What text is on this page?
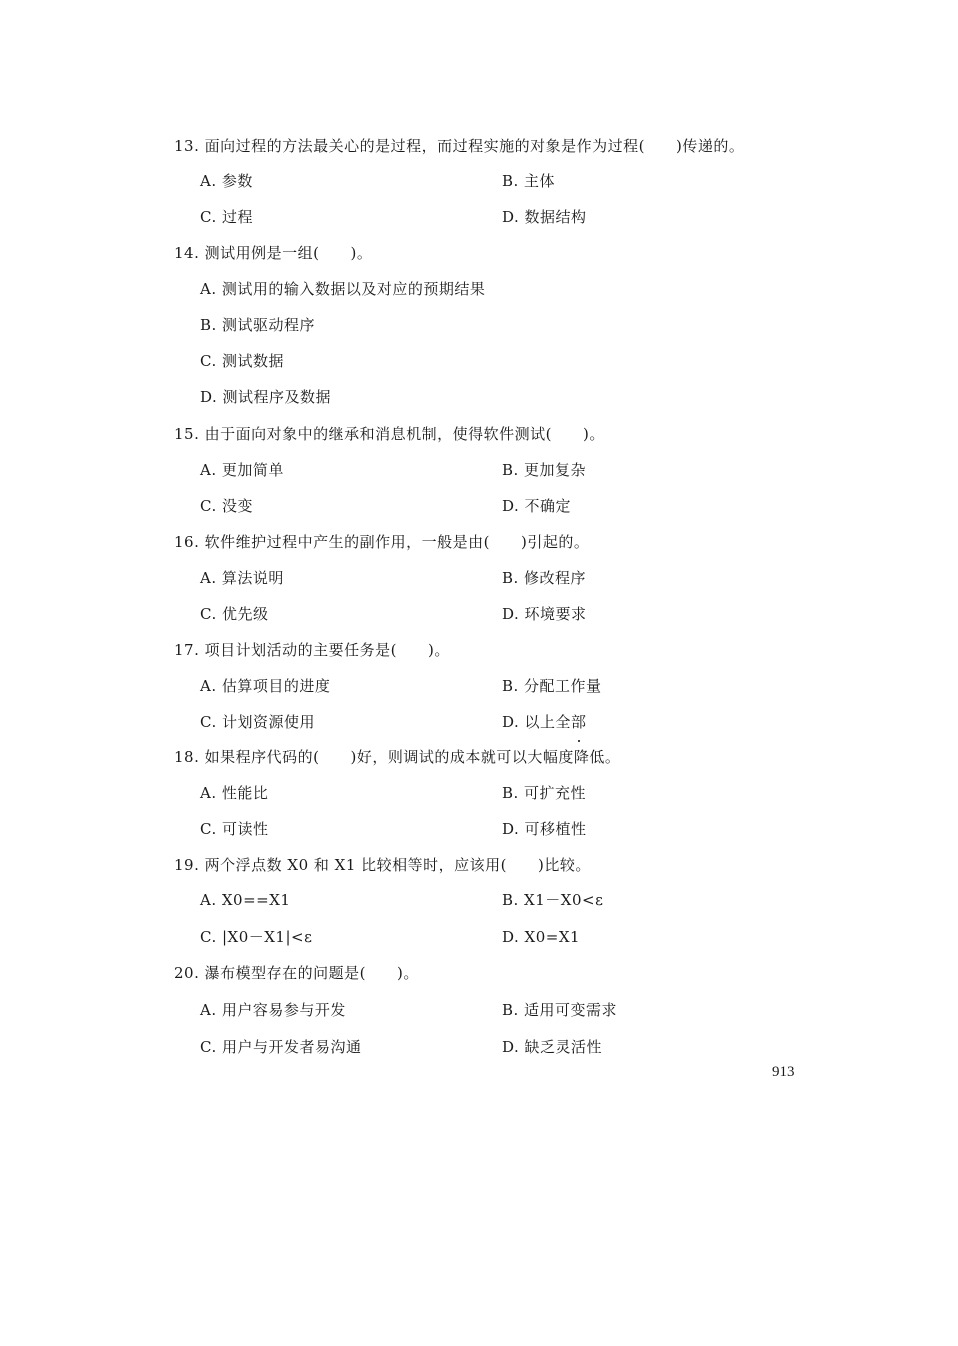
13. 面向过程的方法最关心的是过程，而过程实施的对象是作为过程(　　)传递的。
A. 参数	B. 主体
C. 过程	D. 数据结构
14. 测试用例是一组(　　)。
A. 测试用的输入数据以及对应的预期结果
B. 测试驱动程序
C. 测试数据
D. 测试程序及数据
15. 由于面向对象中的继承和消息机制，使得软件测试(　　)。
A. 更加简单	B. 更加复杂
C. 没变	D. 不确定
16. 软件维护过程中产生的副作用，一般是由(　　)引起的。
A. 算法说明	B. 修改程序
C. 优先级	D. 环境要求
17. 项目计划活动的主要任务是(　　)。
A. 估算项目的进度	B. 分配工作量
C. 计划资源使用	D. 以上全部
18. 如果程序代码的(　　)好，则调试的成本就可以大幅度降低。
A. 性能比	B. 可扩充性
C. 可读性	D. 可移植性
19. 两个浮点数 X0 和 X1 比较相等时，应该用(　　)比较。
A. X0==X1	B. X1－X0<ε
C. |X0－X1|<ε	D. X0=X1
20. 瀑布模型存在的问题是(　　)。
A. 用户容易参与开发	B. 适用可变需求
C. 用户与开发者易沟通	D. 缺乏灵活性
913
